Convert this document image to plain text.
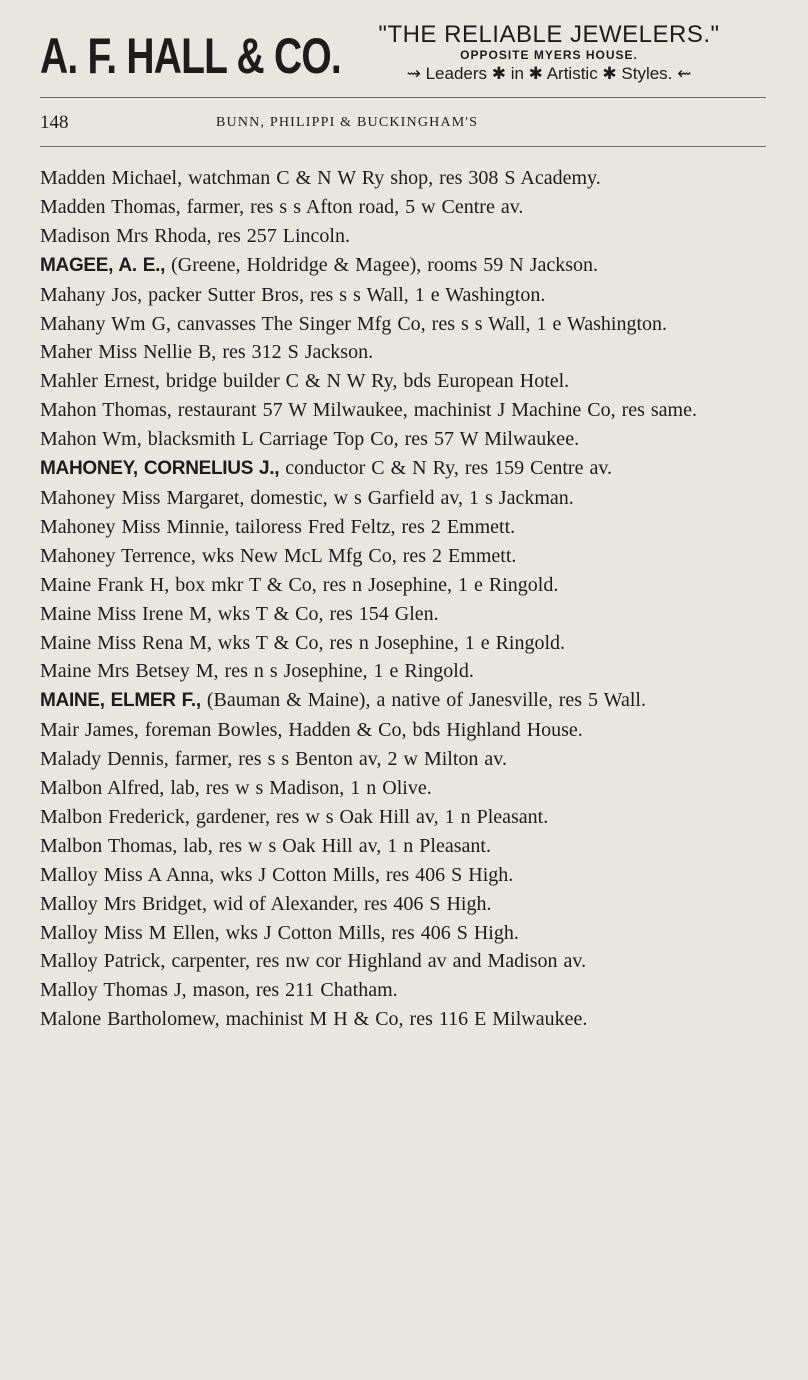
A. F. HALL & CO.	"THE RELIABLE JEWELERS."
OPPOSITE MYERS HOUSE.
⇝ Leaders ✱ in ✱ Artistic ✱ Styles. ⇜
148	BUNN, PHILIPPI & BUCKINGHAM'S
Madden Michael, watchman C & N W Ry shop, res 308 S Academy.
Madden Thomas, farmer, res s s Afton road, 5 w Centre av.
Madison Mrs Rhoda, res 257 Lincoln.
MAGEE, A. E., (Greene, Holdridge & Magee), rooms 59 N Jackson.
Mahany Jos, packer Sutter Bros, res s s Wall, 1 e Washington.
Mahany Wm G, canvasses The Singer Mfg Co, res s s Wall, 1 e Washington.
Maher Miss Nellie B, res 312 S Jackson.
Mahler Ernest, bridge builder C & N W Ry, bds European Hotel.
Mahon Thomas, restaurant 57 W Milwaukee, machinist J Machine Co, res same.
Mahon Wm, blacksmith L Carriage Top Co, res 57 W Milwaukee.
MAHONEY, CORNELIUS J., conductor C & N Ry, res 159 Centre av.
Mahoney Miss Margaret, domestic, w s Garfield av, 1 s Jackman.
Mahoney Miss Minnie, tailoress Fred Feltz, res 2 Emmett.
Mahoney Terrence, wks New McL Mfg Co, res 2 Emmett.
Maine Frank H, box mkr T & Co, res n Josephine, 1 e Ringold.
Maine Miss Irene M, wks T & Co, res 154 Glen.
Maine Miss Rena M, wks T & Co, res n Josephine, 1 e Ringold.
Maine Mrs Betsey M, res n s Josephine, 1 e Ringold.
MAINE, ELMER F., (Bauman & Maine), a native of Janesville, res 5 Wall.
Mair James, foreman Bowles, Hadden & Co, bds Highland House.
Malady Dennis, farmer, res s s Benton av, 2 w Milton av.
Malbon Alfred, lab, res w s Madison, 1 n Olive.
Malbon Frederick, gardener, res w s Oak Hill av, 1 n Pleasant.
Malbon Thomas, lab, res w s Oak Hill av, 1 n Pleasant.
Malloy Miss A Anna, wks J Cotton Mills, res 406 S High.
Malloy Mrs Bridget, wid of Alexander, res 406 S High.
Malloy Miss M Ellen, wks J Cotton Mills, res 406 S High.
Malloy Patrick, carpenter, res nw cor Highland av and Madison av.
Malloy Thomas J, mason, res 211 Chatham.
Malone Bartholomew, machinist M H & Co, res 116 E Milwaukee.
